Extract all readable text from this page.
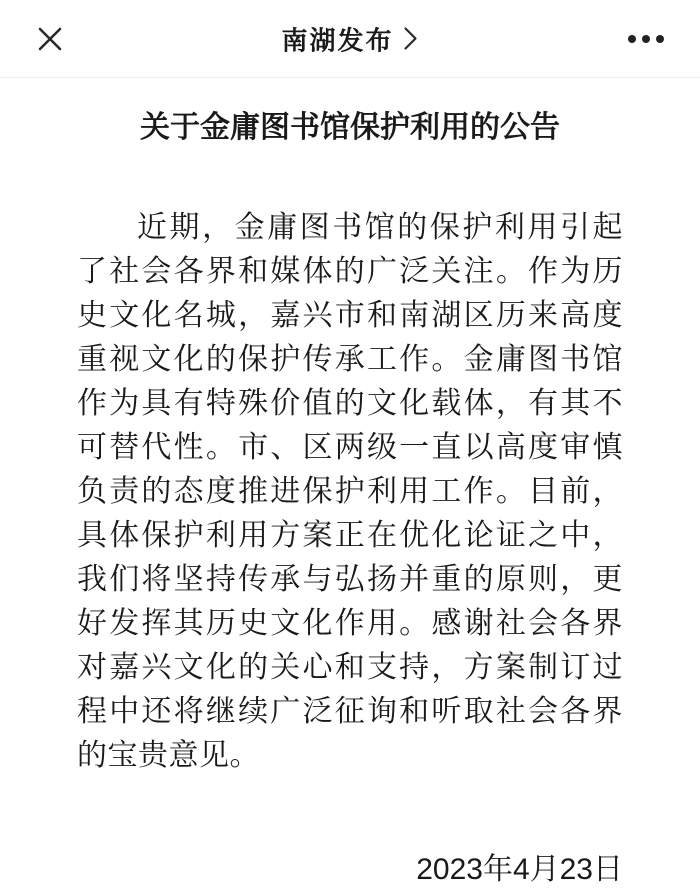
南湖发布
关于金庸图书馆保护利用的公告

近期，金庸图书馆的保护利用引起了社会各界和媒体的广泛关注。作为历史文化名城，嘉兴市和南湖区历来高度重视文化的保护传承工作。金庸图书馆作为具有特殊价值的文化载体，有其不可替代性。市、区两级一直以高度审慎负责的态度推进保护利用工作。目前，具体保护利用方案正在优化论证之中，我们将坚持传承与弘扬并重的原则，更好发挥其历史文化作用。感谢社会各界对嘉兴文化的关心和支持，方案制订过程中还将继续广泛征询和听取社会各界的宝贵意见。

2023年4月23日
